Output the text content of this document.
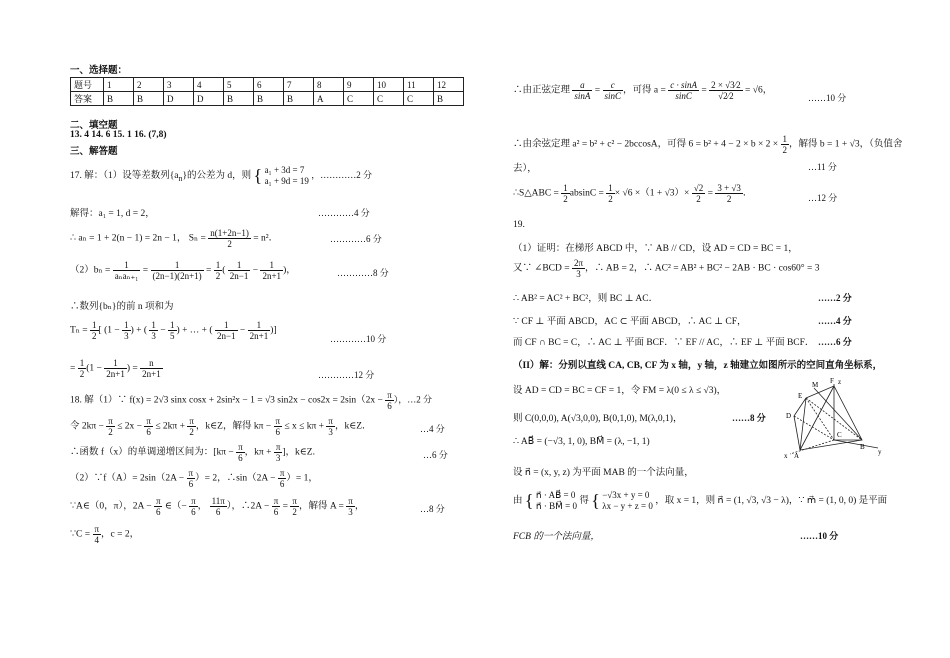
一、选择题：
题号	1	2	3	4	5	6	7	8	9	10	11	12
答案	B	B	D	D	B	B	B	A	C	C	C	B
二、填空题
13. 4 14. 6 15. 1 16. (7,8)
三、解答题
17. 解：（1）设等差数列$\{a_n\}$的公差为 d，则 { a₁ + 3d = 7
a₁ + 9d = 19
，…………2 分
解得：a₁ = 1, d = 2，	…………4 分
∴ aₙ = 1 + 2(n − 1) = 2n − 1， $S_n = \frac{n(1+2n-1)}{2} = n^2$．	…………6 分
$(2)b_n = \frac{1}{\text{aₙaₙ₊₁}} = \frac{1}{(2n-1)(2n+1)} = \frac{1}{2}$ ( $\frac{1}{2n-1} - \frac{1}{2n+1}$ )，	…………8 分
∴数列{bₙ}的前 n 项和为
$T_n = \frac{1}{2}$ [ ($1 - \frac{1}{3}$ ) + ( $\frac{1}{3} - \frac{1}{5}$ ) + … + ( $\frac{1}{2n-1} - \frac{1}{2n+1}$ )]
…………10 分
= $\frac{1}{2} (1 - \frac{1}{2n+1}$ ) = $\frac{n}{2n+1}$	…………12 分
18. 解（1）∵ f(x) = 2√3 sinx cosx + 2sin²x − 1 = √3 $\sin 2x - \cos 2x = 2\sin(2x - \frac{\pi}{6}$ ），…2 分
令 $2k\pi - \frac{\pi}{2} \le 2x - \frac{\pi}{6} \le 2k\pi + \frac{\pi}{2}$ ，k∈Z，解得 $k\pi - \frac{\pi}{6} \le x \le k\pi + \frac{\pi}{3}$ ，k∈Z．	…4 分
∴函数 f（x）的单调递增区间为：[$k\pi - \frac{\pi}{6}$ ，$k\pi + \frac{\pi}{3}$ ]，k∈Z.	…6 分
（2）∵f（A）= $2\sin(2A - \frac{\pi}{6}$ ）= 2，∴sin（2A − $\frac{\pi}{6}$ ）= 1，
∵A∈（0，π），$2A - \frac{\pi}{6}$ ∈（− $\frac{\pi}{6}$ ， $\frac{11\pi}{6}$ ），∴2A − $\frac{\pi}{6} = \frac{\pi}{2}$ ，解得 $A = \frac{\pi}{3}$ ，	…8 分
∵C = $\frac{\pi}{4}$ ，c = 2，
∴由正弦定理 $\frac{a}{\sin A} = \frac{c}{\sin C}$ ，可得 $a = \frac{c \cdot \sin A}{\sin C} = \frac{2 \times √3⁄2}{√2⁄2} = √6$，
……10 分
∴由余弦定理 a² = b² + c² − 2bccosA，可得 $6 = b^2 + 4 - 2 \times b \times 2 \times \frac{1}{2}$ ，解得 b = 1 + √3，（负值舍
去），	…11 分
∴S△ABC = $\frac{1}{2}$ $absinC = \frac{1}{2} \times √6 \times(1 + √3)\times \frac{√2}{2} = \frac{3 + √3}{2}$ ．	…12 分
19.
（1）证明：在梯形 ABCD 中，∵ AB // CD，设 AD = CD = BC = 1，
又∵ ∠BCD = $\frac{2\pi}{3}$ ，∴ AB = 2，∴ AC² = AB² + BC² − 2AB · BC · cos60° = 3
∴ AB² = AC² + BC²，则 BC ⊥ AC．	……2 分
∵ CF ⊥ 平面 ABCD，AC ⊂ 平面 ABCD，∴ AC ⊥ CF，	……4 分
而 CF ∩ BC = C，∴ AC ⊥ 平面 BCF．∵ EF // AC，∴ EF ⊥ 平面 BCF． ……6 分
（II）解：分别以直线 CA, CB, CF 为 x 轴，y 轴，z 轴建立如图所示的空间直角坐标系，
设 AD = CD = BC = CF = 1，令 FM = λ(0 ≤ λ ≤ √3)，
则 C(0,0,0), A(√3,0,0), B(0,1,0), M(λ,0,1)，	……8 分
∴ AB⃗ = (−√3, 1, 0), BM⃗ = (λ, −1, 1)
设 n⃗ = (x, y, z) 为平面 MAB 的一个法向量，
由 { n⃗ · AB⃗ = 0
n⃗ · BM⃗ = 0 得 { −√3x + y = 0
λx − y + z = 0 ，取 x = 1，则 n⃗ = (1, √3, √3 − λ)，∵ m⃗ = (1, 0, 0) 是平面
FCB 的一个法向量，	……10 分
z
M F
E
D
C
A
x
B
y
